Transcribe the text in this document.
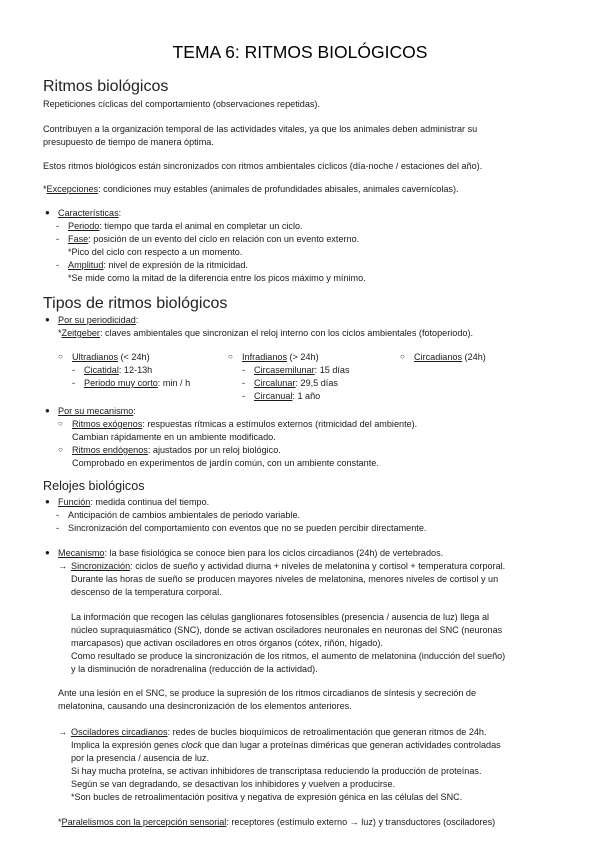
TEMA 6: RITMOS BIOLÓGICOS
Ritmos biológicos

Repeticiones cíclicas del comportamiento (observaciones repetidas).

Contribuyen a la organización temporal de las actividades vitales, ya que los animales deben administrar su

presupuesto de tiempo de manera óptima.

Estos ritmos biológicos están sincronizados con ritmos ambientales cíclicos (día-noche / estaciones del año).

*Excepciones: condiciones muy estables (animales de profundidades abisales, animales cavernícolas).

● Características:
- Periodo: tiempo que tarda el animal en completar un ciclo.
- Fase: posición de un evento del ciclo en relación con un evento externo.
*Pico del ciclo con respecto a un momento.
- Amplitud: nivel de expresión de la ritmicidad.
*Se mide como la mitad de la diferencia entre los picos máximo y mínimo.
Tipos de ritmos biológicos
● Por su periodicidad:
*Zeitgeber: claves ambientales que sincronizan el reloj interno con los ciclos ambientales (fotoperiodo).
○	Ultradianos (< 24h)
- Cicatidal: 12-13h
- Periodo muy corto: min / h
○	Infradianos (> 24h)
- Circasemilunar: 15 días
- Circalunar: 29,5 días
- Circanual: 1 año
○	Circadianos (24h)
● Por su mecanismo:
○ Ritmos exógenos: respuestas rítmicas a estímulos externos (ritmicidad del ambiente).
Cambian rápidamente en un ambiente modificado.
○ Ritmos endógenos: ajustados por un reloj biológico.
Comprobado en experimentos de jardín común, con un ambiente constante.
Relojes biológicos
● Función: medida continua del tiempo.
- Anticipación de cambios ambientales de periodo variable.
- Sincronización del comportamiento con eventos que no se pueden percibir directamente.
● Mecanismo: la base fisiológica se conoce bien para los ciclos circadianos (24h) de vertebrados.
→ Sincronización: ciclos de sueño y actividad diurna + niveles de melatonina y cortisol + temperatura corporal.
Durante las horas de sueño se producen mayores niveles de melatonina, menores niveles de cortisol y un
descenso de la temperatura corporal.
La información que recogen las células ganglionares fotosensibles (presencia / ausencia de luz) llega al
núcleo supraquiasmático (SNC), donde se activan osciladores neuronales en neuronas del SNC (neuronas
marcapasos) que activan osciladores en otros órganos (cótex, riñón, hígado).
Como resultado se produce la sincronización de los ritmos, el aumento de melatonina (inducción del sueño)
y la disminución de noradrenalina (reducción de la actividad).
Ante una lesión en el SNC, se produce la supresión de los ritmos circadianos de síntesis y secreción de
melatonina, causando una desincronización de los elementos anteriores.
→ Osciladores circadianos: redes de bucles bioquímicos de retroalimentación que generan ritmos de 24h.
Implica la expresión genes clock que dan lugar a proteínas diméricas que generan actividades controladas
por la presencia / ausencia de luz.
Si hay mucha proteína, se activan inhibidores de transcriptasa reduciendo la producción de proteínas.
Según se van degradando, se desactivan los inhibidores y vuelven a producirse.
*Son bucles de retroalimentación positiva y negativa de expresión génica en las células del SNC.

*Paralelismos con la percepción sensorial: receptores (estímulo externo → luz) y transductores (osciladores)
